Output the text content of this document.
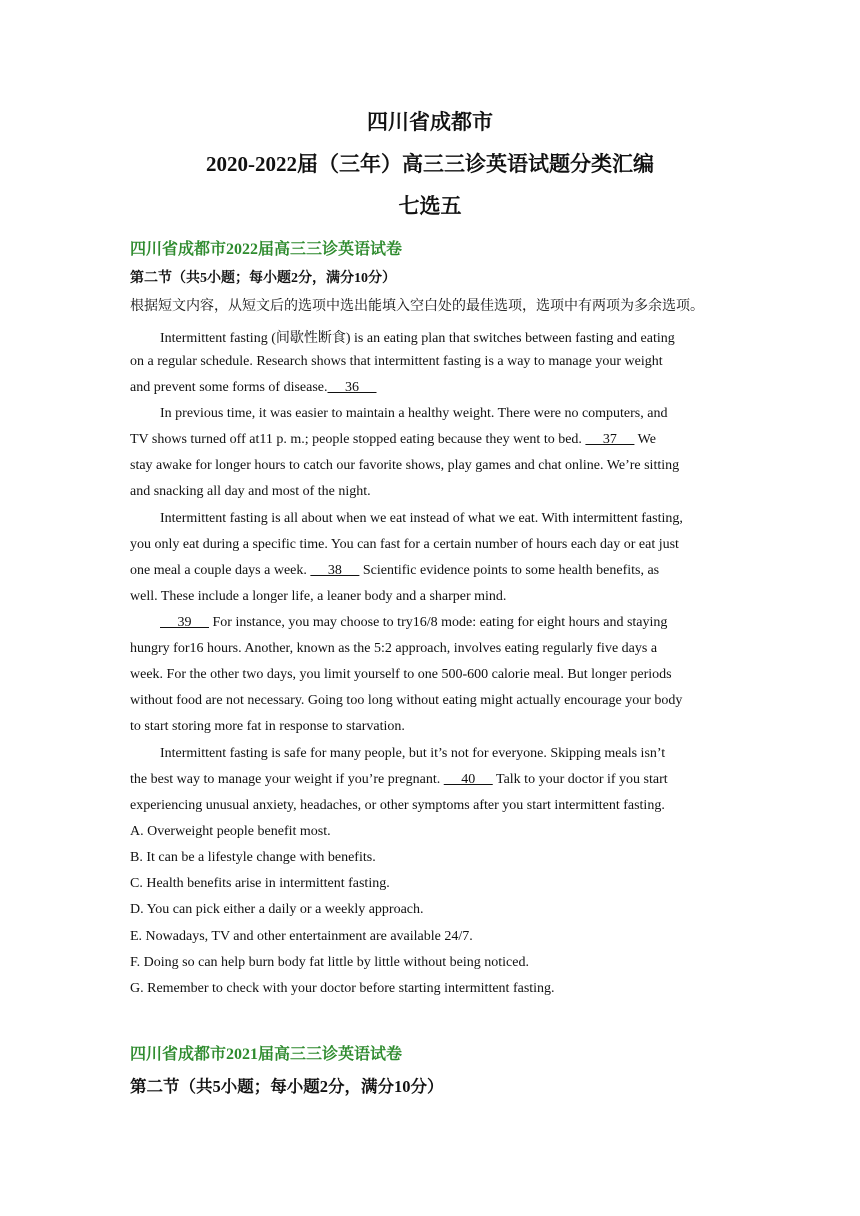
四川省成都市
2020-2022届（三年）高三三诊英语试题分类汇编
七选五
四川省成都市2022届高三三诊英语试卷
第二节（共5小题；每小题2分，满分10分）
根据短文内容，从短文后的选项中选出能填入空白处的最佳选项，选项中有两项为多余选项。
Intermittent fasting (间歇性断食) is an eating plan that switches between fasting and eating
on a regular schedule. Research shows that intermittent fasting is a way to manage your weight
and prevent some forms of disease.     36
In previous time, it was easier to maintain a healthy weight. There were no computers, and
TV shows turned off at11 p. m.; people stopped eating because they went to bed.      37      We
stay awake for longer hours to catch our favorite shows, play games and chat online. We’re sitting
and snacking all day and most of the night.
Intermittent fasting is all about when we eat instead of what we eat. With intermittent fasting,
you only eat during a specific time. You can fast for a certain number of hours each day or eat just
one meal a couple days a week.      38      Scientific evidence points to some health benefits, as
well. These include a longer life, a leaner body and a sharper mind.
39      For instance, you may choose to try16/8 mode: eating for eight hours and staying
hungry for16 hours. Another, known as the 5:2 approach, involves eating regularly five days a
week. For the other two days, you limit yourself to one 500-600 calorie meal. But longer periods
without food are not necessary. Going too long without eating might actually encourage your body
to start storing more fat in response to starvation.
Intermittent fasting is safe for many people, but it’s not for everyone. Skipping meals isn’t
the best way to manage your weight if you’re pregnant.      40      Talk to your doctor if you start
experiencing unusual anxiety, headaches, or other symptoms after you start intermittent fasting.
A. Overweight people benefit most.
B. It can be a lifestyle change with benefits.
C. Health benefits arise in intermittent fasting.
D. You can pick either a daily or a weekly approach.
E. Nowadays, TV and other entertainment are available 24/7.
F. Doing so can help burn body fat little by little without being noticed.
G. Remember to check with your doctor before starting intermittent fasting.
四川省成都市2021届高三三诊英语试卷
第二节（共5小题；每小题2分，满分10分）
